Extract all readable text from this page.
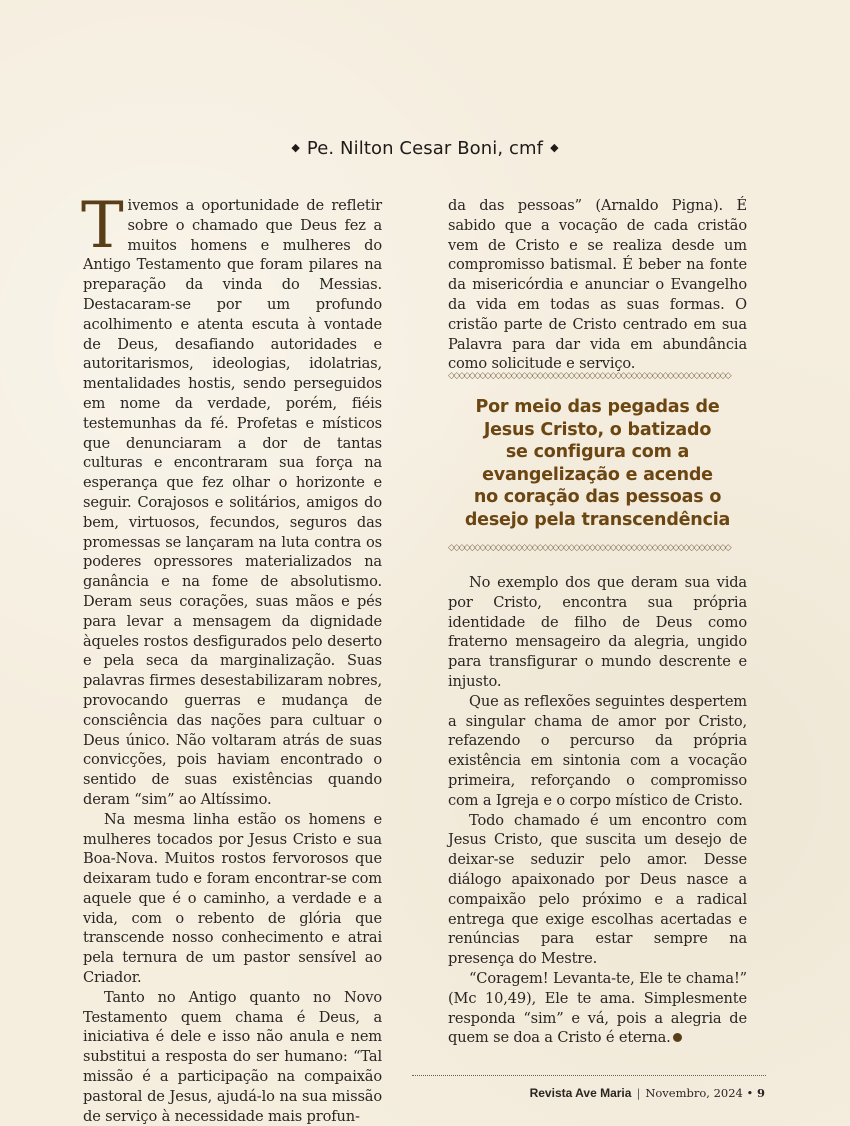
◆ Pe. Nilton Cesar Boni, cmf ◆

Tivemos a oportunidade de refletir sobre o chamado que Deus fez a muitos homens e mulheres do Antigo Testamento que foram pilares na preparação da vinda do Messias. Destacaram-se por um profundo acolhimento e atenta escuta à vontade de Deus, desafiando autoridades e autoritarismos, ideologias, idolatrias, mentalidades hostis, sendo perseguidos em nome da verdade, porém, fiéis testemunhas da fé. Profetas e místicos que denunciaram a dor de tantas culturas e encontraram sua força na esperança que fez olhar o horizonte e seguir. Corajosos e solitários, amigos do bem, virtuosos, fecundos, seguros das promessas se lançaram na luta contra os poderes opressores materializados na ganância e na fome de absolutismo. Deram seus corações, suas mãos e pés para levar a mensagem da dignidade àqueles rostos desfigurados pelo deserto e pela seca da marginalização. Suas palavras firmes desestabilizaram nobres, provocando guerras e mudança de consciência das nações para cultuar o Deus único. Não voltaram atrás de suas convicções, pois haviam encontrado o sentido de suas existências quando deram “sim” ao Altíssimo.

Na mesma linha estão os homens e mulheres tocados por Jesus Cristo e sua Boa-Nova. Muitos rostos fervorosos que deixaram tudo e foram encontrar-se com aquele que é o caminho, a verdade e a vida, com o rebento de glória que transcende nosso conhecimento e atrai pela ternura de um pastor sensível ao Criador.

Tanto no Antigo quanto no Novo Testamento quem chama é Deus, a iniciativa é dele e isso não anula e nem substitui a resposta do ser humano: “Tal missão é a participação na compaixão pastoral de Jesus, ajudá-lo na sua missão de serviço à necessidade mais profun-

da das pessoas” (Arnaldo Pigna). É sabido que a vocação de cada cristão vem de Cristo e se realiza desde um compromisso batismal. É beber na fonte da misericórdia e anunciar o Evangelho da vida em todas as suas formas. O cristão parte de Cristo centrado em sua Palavra para dar vida em abundância como solicitude e serviço.

◇◇◇◇◇◇◇◇◇◇◇◇◇◇◇◇◇◇◇◇◇◇◇◇◇◇◇◇◇◇◇◇◇◇◇◇◇◇◇◇◇◇◇◇◇◇◇◇◇◇◇◇◇◇
Por meio das pegadas de
Jesus Cristo, o batizado
se configura com a
evangelização e acende
no coração das pessoas o
desejo pela transcendência
◇◇◇◇◇◇◇◇◇◇◇◇◇◇◇◇◇◇◇◇◇◇◇◇◇◇◇◇◇◇◇◇◇◇◇◇◇◇◇◇◇◇◇◇◇◇◇◇◇◇◇◇◇◇

No exemplo dos que deram sua vida por Cristo, encontra sua própria identidade de filho de Deus como fraterno mensageiro da alegria, ungido para transfigurar o mundo descrente e injusto.

Que as reflexões seguintes despertem a singular chama de amor por Cristo, refazendo o percurso da própria existência em sintonia com a vocação primeira, reforçando o compromisso com a Igreja e o corpo místico de Cristo.

Todo chamado é um encontro com Jesus Cristo, que suscita um desejo de deixar-se seduzir pelo amor. Desse diálogo apaixonado por Deus nasce a compaixão pelo próximo e a radical entrega que exige escolhas acertadas e renúncias para estar sempre na presença do Mestre.

“Coragem! Levanta-te, Ele te chama!” (Mc 10,49), Ele te ama. Simplesmente responda “sim” e vá, pois a alegria de quem se doa a Cristo é eterna.

Revista Ave Maria | Novembro, 2024 • 9
